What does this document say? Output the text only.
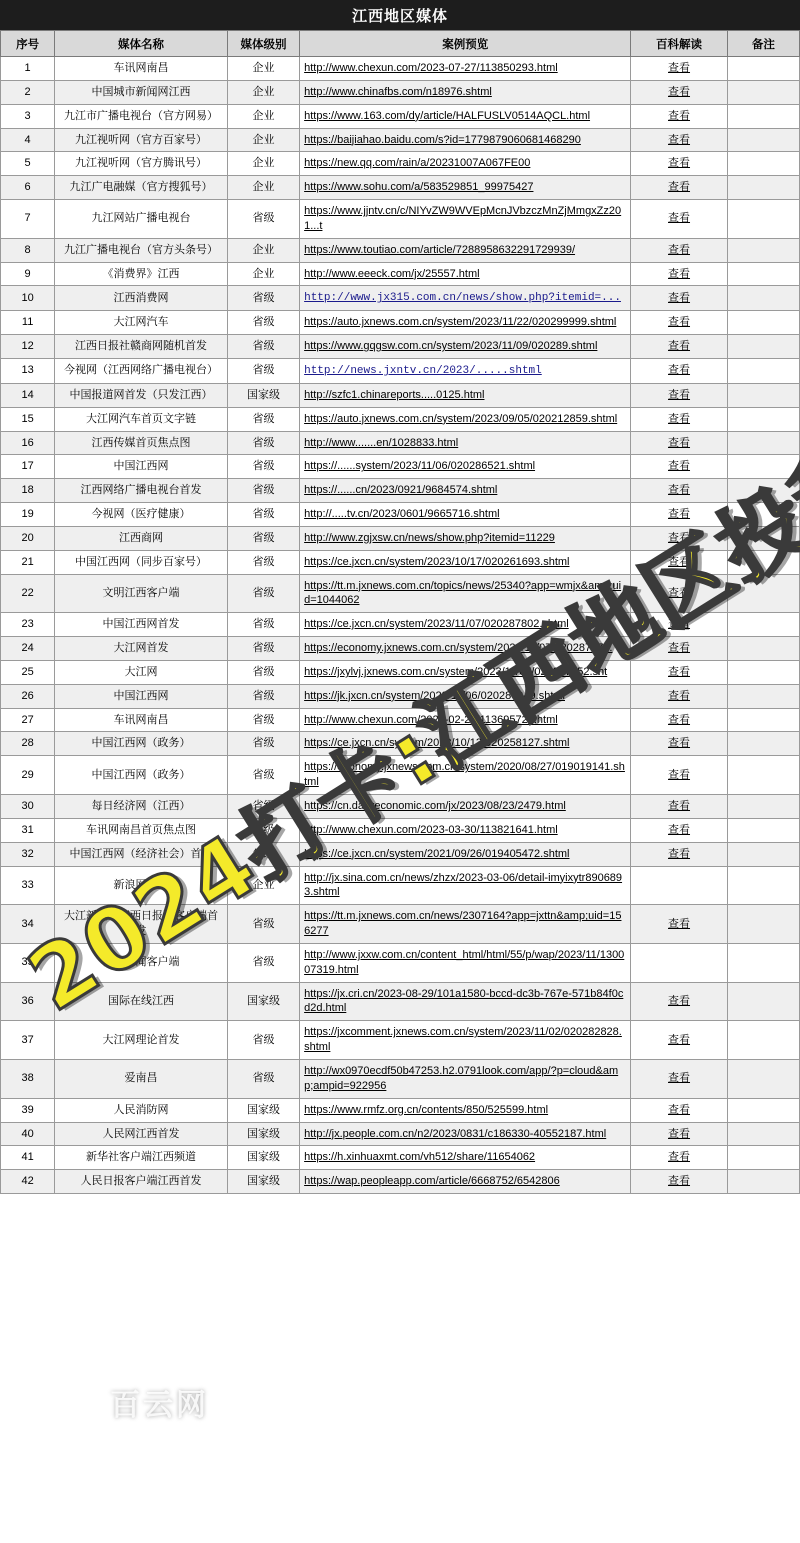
江西地区媒体
序号	媒体名称	媒体级别	案例预览	百科解读	备注
1	车讯网南昌	企业	http://www.chexun.com/2023-07-27/113850293.html	查看	
2	中国城市新闻网江西	企业	http://www.chinafbs.com/n18976.shtml	查看	
3	九江市广播电视台（官方网易）	企业	https://www.163.com/dy/article/HALFUSLV0514AQCL.html	查看	
4	九江视听网（官方百家号）	企业	https://baijiahao.baidu.com/s?id=1779879060681468290	查看	
5	九江视听网（官方腾讯号）	企业	https://new.qq.com/rain/a/20231007A067FE00	查看	
6	九江广电融媒（官方搜狐号）	企业	https://www.sohu.com/a/583529851_99975427	查看	
7	九江网站广播电视台	省级	https://www.jjntv.cn/c/NIYvZW9WVEpMcnJVbzczMnZjMmgxZz201...t	查看	
8	九江广播电视台（官方头条号）	企业	https://www.toutiao.com/article/7288958632291729939/	查看	
9	《消费界》江西	企业	http://www.eeeck.com/jx/25557.html	查看	
10	江西消费网	省级	http://www.jx315.com.cn/news/show.php?itemid=...	查看	
11	大江网汽车	省级	https://auto.jxnews.com.cn/system/2023/11/22/020299999.shtml	查看	
12	江西日报社赣商网随机首发	省级	https://www.gqgsw.com.cn/system/2023/11/09/020289.shtml	查看	
13	今视网（江西网络广播电视台）	省级	http://news.jxntv.cn/2023/.....shtml	查看	
14	中国报道网首发（只发江西）	国家级	http://szfc1.chinareports.....0125.html	查看	
15	大江网汽车首页文字链	省级	https://auto.jxnews.com.cn/system/2023/09/05/020212859.shtml	查看	
16	江西传媒首页焦点图	省级	http://www.......en/1028833.html	查看	
17	中国江西网	省级	https://......system/2023/11/06/020286521.shtml	查看	
18	江西网络广播电视台首发	省级	https://......cn/2023/0921/9684574.shtml	查看	
19	今视网（医疗健康）	省级	http://.....tv.cn/2023/0601/9665716.shtml	查看	
20	江西商网	省级	http://www.zgjxsw.cn/news/show.php?itemid=11229	查看	
21	中国江西网（同步百家号）	省级	https://ce.jxcn.cn/system/2023/10/17/020261693.shtml	查看	
22	文明江西客户端	省级	https://tt.m.jxnews.com.cn/topics/news/25340?app=wmjx&amp;uid=1044062	查看	
23	中国江西网首发	省级	https://ce.jxcn.cn/system/2023/11/07/020287802.shtml	查看	
24	大江网首发	省级	https://economy.jxnews.com.cn/system/2023/11/07/02028737...	查看	
25	大江网	省级	https://jxylvj.jxnews.com.cn/system/2023/11/07/020287852.sht	查看	
26	中国江西网	省级	https://jk.jxcn.cn/system/2023/11/06/020286949.shtml	查看	
27	车讯网南昌	省级	http://www.chexun.com/2022-02-28/113695729.html	查看	
28	中国江西网（政务）	省级	https://ce.jxcn.cn/system/2023/10/13/020258127.shtml	查看	
29	中国江西网（政务）	省级	https://economy.jxnews.com.cn/system/2020/08/27/019019141.shtml	查看	
30	每日经济网（江西）	省级	https://cn.dailyeconomic.com/jx/2023/08/23/2479.html	查看	
31	车讯网南昌首页焦点图	省级	http://www.chexun.com/2023-03-30/113821641.html	查看	
32	中国江西网（经济社会）首发	省级	https://ce.jxcn.cn/system/2021/09/26/019405472.shtml	查看	
33	新浪网江西	企业	http://jx.sina.com.cn/news/zhzx/2023-03-06/detail-imyixytr8906893.shtml		
34	大江新闻（江西日报）客户端首发	省级	https://tt.m.jxnews.com.cn/news/2307164?app=jxttn&amp;uid=156277	查看	
35	江西新闻客户端	省级	http://www.jxxw.com.cn/content_html/html/55/p/wap/2023/11/130007319.html		
36	国际在线江西	国家级	https://jx.cri.cn/2023-08-29/101a1580-bccd-dc3b-767e-571b84f0cd2d.html	查看	
37	大江网理论首发	省级	https://jxcomment.jxnews.com.cn/system/2023/11/02/020282828.shtml	查看	
38	爱南昌	省级	http://wx0970ecdf50b47253.h2.0791look.com/app/?p=cloud&amp;ampid=922956	查看	
39	人民消防网	国家级	https://www.rmfz.org.cn/contents/850/525599.html	查看	
40	人民网江西首发	国家级	http://jx.people.com.cn/n2/2023/0831/c186330-40552187.html	查看	
41	新华社客户端江西频道	国家级	https://h.xinhuaxmt.com/vh512/share/11654062	查看	
42	人民日报客户端江西首发	国家级	https://wap.peopleapp.com/article/6668752/6542806	查看	
百云网
